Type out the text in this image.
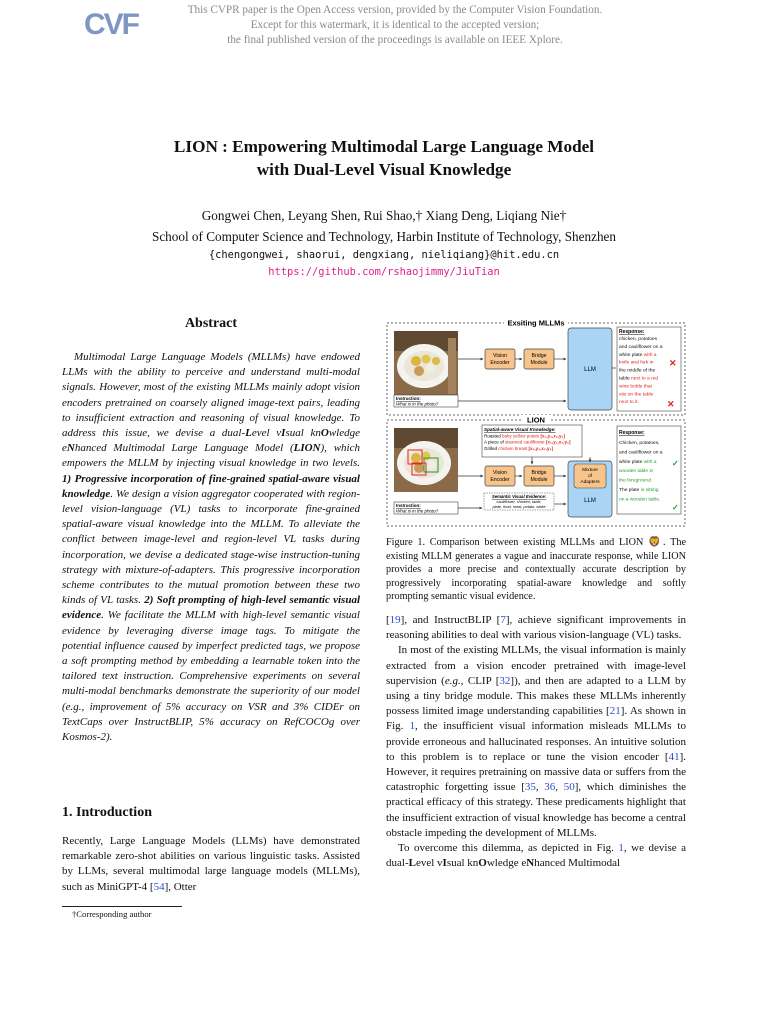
CVF	This CVPR paper is the Open Access version, provided by the Computer Vision Foundation.
Except for this watermark, it is identical to the accepted version;
the final published version of the proceedings is available on IEEE Xplore.
LION : Empowering Multimodal Large Language Model
with Dual-Level Visual Knowledge
Gongwei Chen, Leyang Shen, Rui Shao,† Xiang Deng, Liqiang Nie†
School of Computer Science and Technology, Harbin Institute of Technology, Shenzhen
{chengongwei, shaorui, dengxiang, nieliqiang}@hit.edu.cn
https://github.com/rshaojimmy/JiuTian
Abstract
Multimodal Large Language Models (MLLMs) have endowed LLMs with the ability to perceive and understand multi-modal signals. However, most of the existing MLLMs mainly adopt vision encoders pretrained on coarsely aligned image-text pairs, leading to insufficient extraction and reasoning of visual knowledge. To address this issue, we devise a dual-Level vIsual knOwledge eNhanced Multimodal Large Language Model (LION), which empowers the MLLM by injecting visual knowledge in two levels. 1) Progressive incorporation of fine-grained spatial-aware visual knowledge. We design a vision aggregator cooperated with region-level vision-language (VL) tasks to incorporate fine-grained spatial-aware visual knowledge into the MLLM. To alleviate the conflict between image-level and region-level VL tasks during incorporation, we devise a dedicated stage-wise instruction-tuning strategy with mixture-of-adapters. This progressive incorporation scheme contributes to the mutual promotion between these two kinds of VL tasks. 2) Soft prompting of high-level semantic visual evidence. We facilitate the MLLM with high-level semantic visual evidence by leveraging diverse image tags. To mitigate the potential influence caused by imperfect predicted tags, we propose a soft prompting method by embedding a learnable token into the tailored text instruction. Comprehensive experiments on several multi-modal benchmarks demonstrate the superiority of our model (e.g., improvement of 5% accuracy on VSR and 3% CIDEr on TextCaps over InstructBLIP, 5% accuracy on RefCOCOg over Kosmos-2).
1. Introduction
Recently, Large Language Models (LLMs) have demonstrated remarkable zero-shot abilities on various linguistic tasks. Assisted by LLMs, several multimodal large language models (MLLMs), such as MiniGPT-4 [54], Otter
†Corresponding author
Exsiting MLLMs
Instruction:
What is in the photo?
Vision
Encoder
Bridge
Module
LLM
Response:
chicken, potatoes
and cauliflower on a
white plate with a
knife and fork in
the middle of the
table next to a red
wine bottle that
sits on the table
next to it.
✕
✕
LION
Instruction:
What is in the photo?
Spatial-aware Visual Knowledge:
Roasted baby yellow potato [x₁,y₁,x₂,y₂]
A piece of steamed cauliflower [x₁,y₁,x₂,y₂]
Grilled chicken breast [x₁,y₁,x₂,y₂]
Vision
Encoder
Bridge
Module
Mixture
of
Adapters
LLM
Semantic Visual Evidence:
cauliflower, chicken, table,
plate, food, meal, potato, white
Response:
Chicken, potatoes,
and cauliflower on a
white plate with a
wooden table in
the foreground.
The plate is sitting
on a wooden table.
✓
✓
Figure 1. Comparison between existing MLLMs and LION 🦁. The existing MLLM generates a vague and inaccurate response, while LION provides a more precise and contextually accurate description by progressively incorporating spatial-aware knowledge and softly prompting semantic visual evidence.

[19], and InstructBLIP [7], achieve significant improvements in reasoning abilities to deal with various vision-language (VL) tasks.

In most of the existing MLLMs, the visual information is mainly extracted from a vision encoder pretrained with image-level supervision (e.g., CLIP [32]), and then are adapted to a LLM by using a tiny bridge module. This makes these MLLMs inherently possess limited image understanding capabilities [21]. As shown in Fig. 1, the insufficient visual information misleads MLLMs to provide erroneous and hallucinated responses. An intuitive solution to this problem is to replace or tune the vision encoder [41]. However, it requires pretraining on massive data or suffers from the catastrophic forgetting issue [35, 36, 50], which diminishes the practical efficacy of this strategy. These predicaments highlight that the insufficient extraction of visual knowledge has become a central obstacle impeding the development of MLLMs.

To overcome this dilemma, as depicted in Fig. 1, we devise a dual-Level vIsual knOwledge eNhanced Multimodal
